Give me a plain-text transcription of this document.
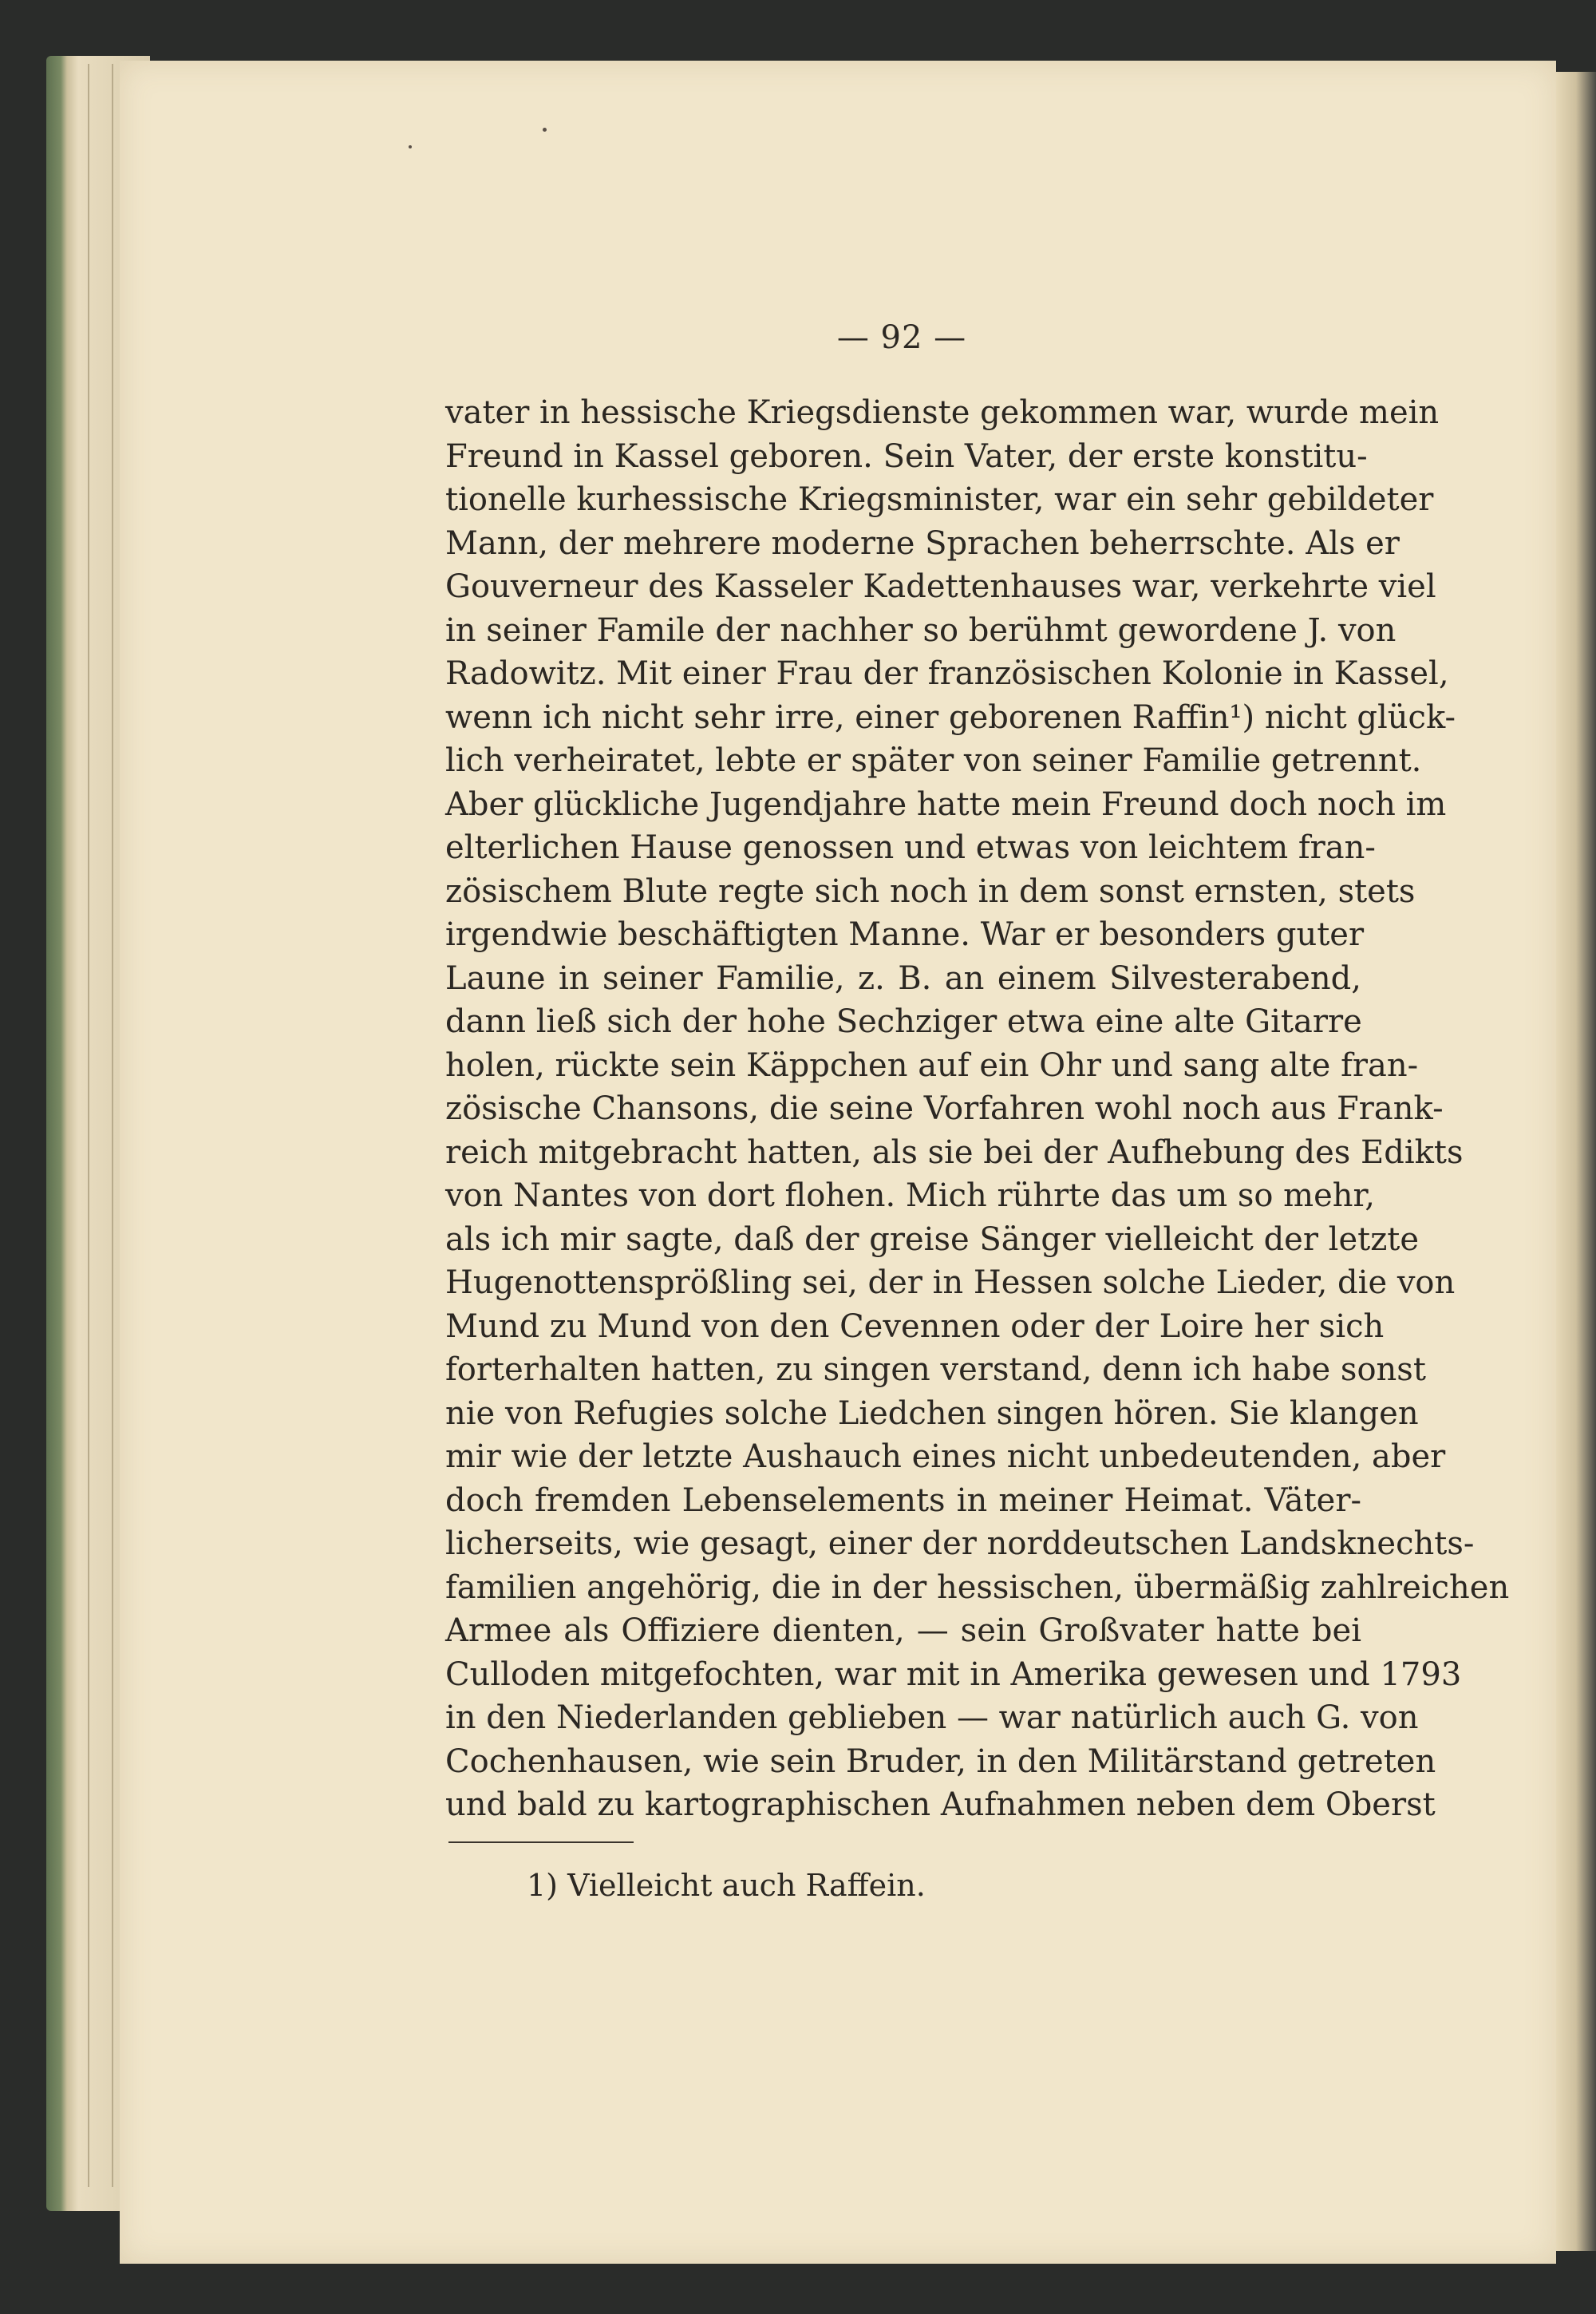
— 92 —
vater in hessische Kriegsdienste gekommen war, wurde mein
Freund in Kassel geboren. Sein Vater, der erste konstitu-
tionelle kurhessische Kriegsminister, war ein sehr gebildeter
Mann, der mehrere moderne Sprachen beherrschte. Als er
Gouverneur des Kasseler Kadettenhauses war, verkehrte viel
in seiner Famile der nachher so berühmt gewordene J. von
Radowitz. Mit einer Frau der französischen Kolonie in Kassel,
wenn ich nicht sehr irre, einer geborenen Raffin¹) nicht glück-
lich verheiratet, lebte er später von seiner Familie getrennt.
Aber glückliche Jugendjahre hatte mein Freund doch noch im
elterlichen Hause genossen und etwas von leichtem fran-
zösischem Blute regte sich noch in dem sonst ernsten, stets
irgendwie beschäftigten Manne. War er besonders guter
Laune in seiner Familie, z. B. an einem Silvesterabend,
dann ließ sich der hohe Sechziger etwa eine alte Gitarre
holen, rückte sein Käppchen auf ein Ohr und sang alte fran-
zösische Chansons, die seine Vorfahren wohl noch aus Frank-
reich mitgebracht hatten, als sie bei der Aufhebung des Edikts
von Nantes von dort flohen. Mich rührte das um so mehr,
als ich mir sagte, daß der greise Sänger vielleicht der letzte
Hugenottensprößling sei, der in Hessen solche Lieder, die von
Mund zu Mund von den Cevennen oder der Loire her sich
forterhalten hatten, zu singen verstand, denn ich habe sonst
nie von Refugies solche Liedchen singen hören. Sie klangen
mir wie der letzte Aushauch eines nicht unbedeutenden, aber
doch fremden Lebenselements in meiner Heimat. Väter-
licherseits, wie gesagt, einer der norddeutschen Landsknechts-
familien angehörig, die in der hessischen, übermäßig zahlreichen
Armee als Offiziere dienten, — sein Großvater hatte bei
Culloden mitgefochten, war mit in Amerika gewesen und 1793
in den Niederlanden geblieben — war natürlich auch G. von
Cochenhausen, wie sein Bruder, in den Militärstand getreten
und bald zu kartographischen Aufnahmen neben dem Oberst
1) Vielleicht auch Raffein.
